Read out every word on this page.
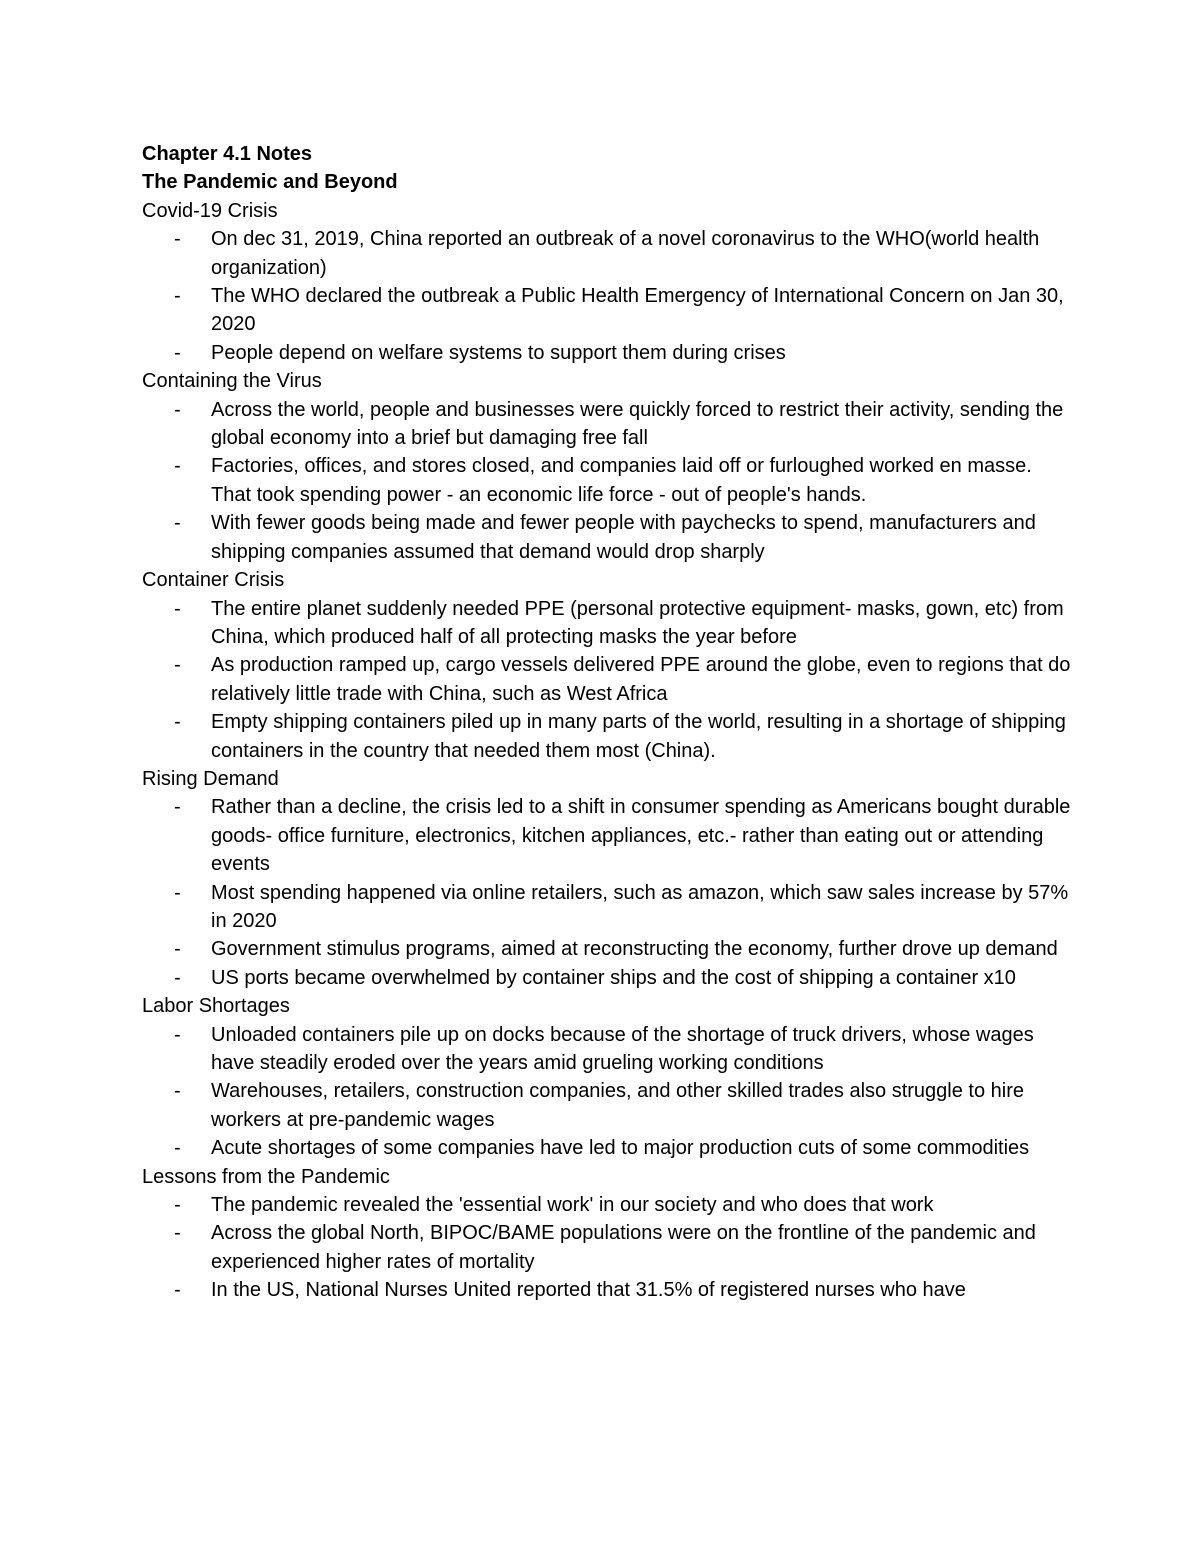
Chapter 4.1 Notes
The Pandemic and Beyond
Covid-19 Crisis
- On dec 31, 2019, China reported an outbreak of a novel coronavirus to the WHO(world health organization)
- The WHO declared the outbreak a Public Health Emergency of International Concern on Jan 30, 2020
- People depend on welfare systems to support them during crises
Containing the Virus
- Across the world, people and businesses were quickly forced to restrict their activity, sending the global economy into a brief but damaging free fall
- Factories, offices, and stores closed, and companies laid off or furloughed worked en masse. That took spending power - an economic life force - out of people's hands.
- With fewer goods being made and fewer people with paychecks to spend, manufacturers and shipping companies assumed that demand would drop sharply
Container Crisis
- The entire planet suddenly needed PPE (personal protective equipment- masks, gown, etc) from China, which produced half of all protecting masks the year before
- As production ramped up, cargo vessels delivered PPE around the globe, even to regions that do relatively little trade with China, such as West Africa
- Empty shipping containers piled up in many parts of the world, resulting in a shortage of shipping containers in the country that needed them most (China).
Rising Demand
- Rather than a decline, the crisis led to a shift in consumer spending as Americans bought durable goods- office furniture, electronics, kitchen appliances, etc.- rather than eating out or attending events
- Most spending happened via online retailers, such as amazon, which saw sales increase by 57% in 2020
- Government stimulus programs, aimed at reconstructing the economy, further drove up demand
- US ports became overwhelmed by container ships and the cost of shipping a container x10
Labor Shortages
- Unloaded containers pile up on docks because of the shortage of truck drivers, whose wages have steadily eroded over the years amid grueling working conditions
- Warehouses, retailers, construction companies, and other skilled trades also struggle to hire workers at pre-pandemic wages
- Acute shortages of some companies have led to major production cuts of some commodities
Lessons from the Pandemic
- The pandemic revealed the 'essential work' in our society and who does that work
- Across the global North, BIPOC/BAME populations were on the frontline of the pandemic and experienced higher rates of mortality
- In the US, National Nurses United reported that 31.5% of registered nurses who have
